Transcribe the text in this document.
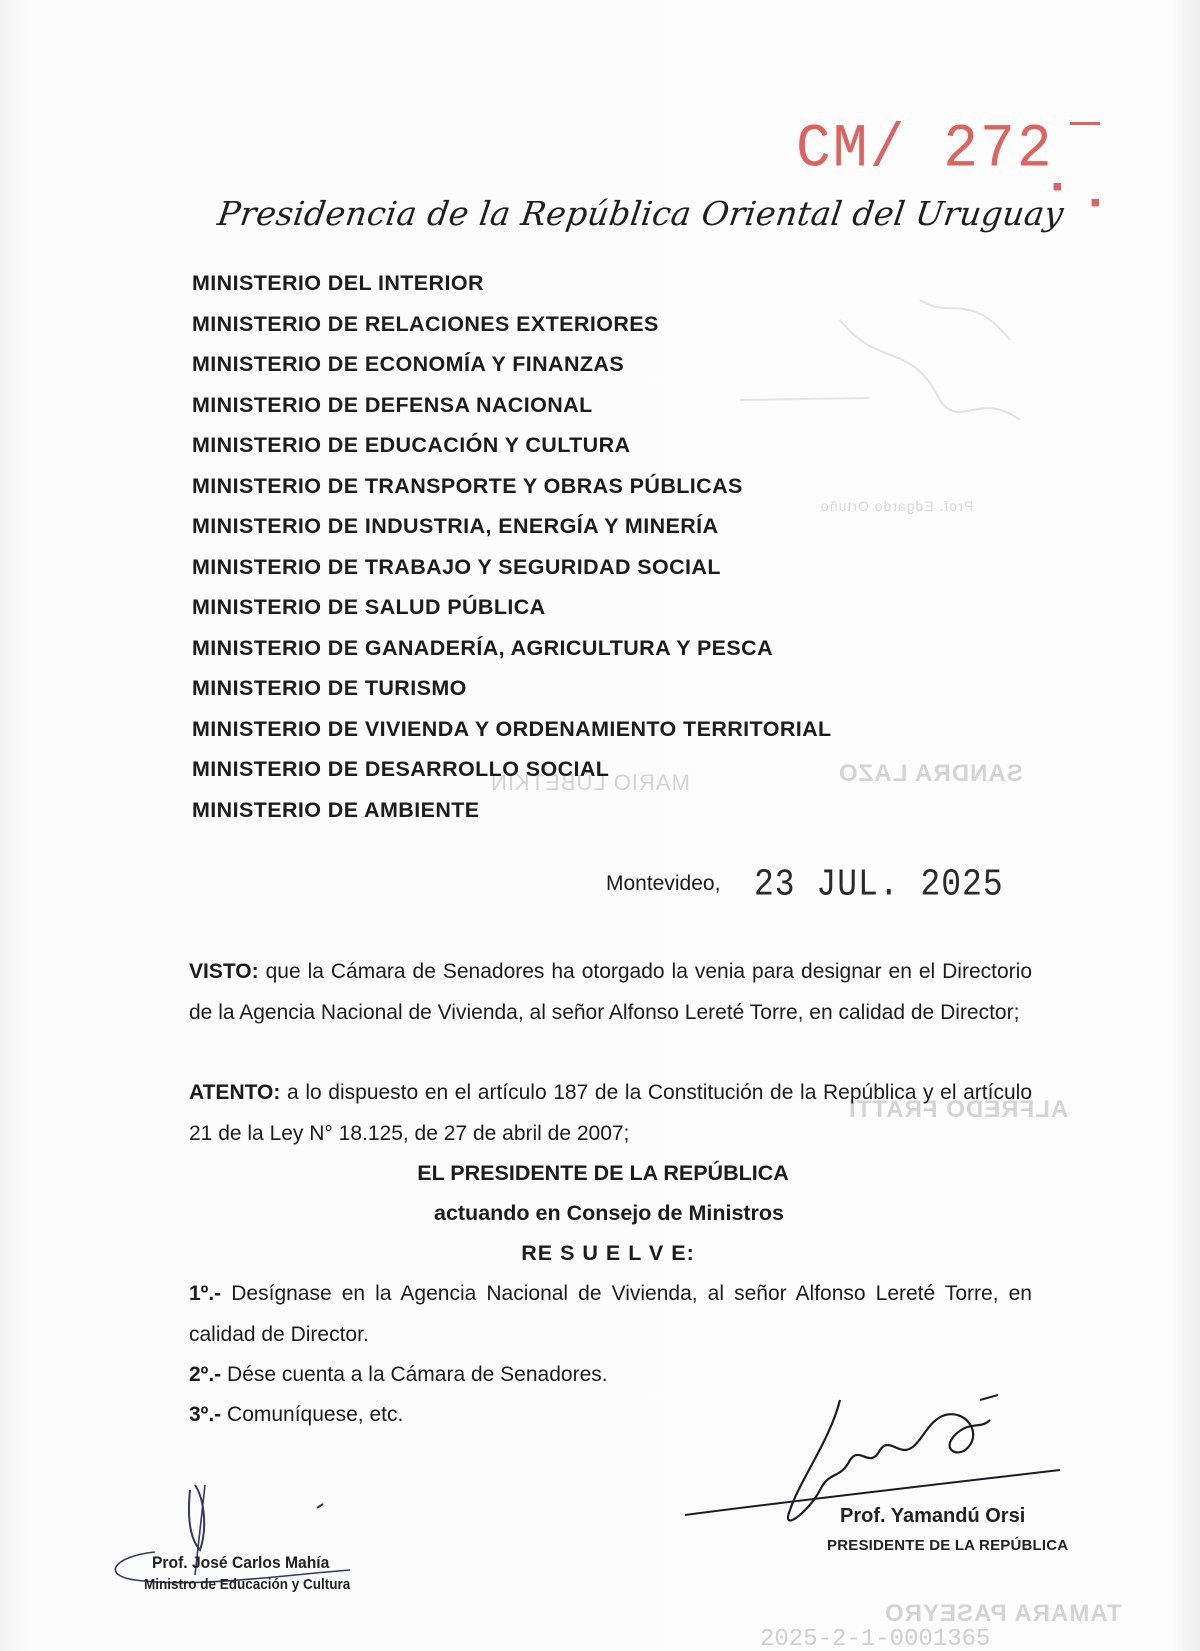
SANDRA LAZO
ALFREDO FRATTI
TAMARA PASEYRO
MARIO LUBETKIN
Prof. Edgardo Ortuño
2025-2-1-0001365
CM/ 272
▪ ▪
Presidencia de la República Oriental del Uruguay
MINISTERIO DEL INTERIOR
MINISTERIO DE RELACIONES EXTERIORES
MINISTERIO DE ECONOMÍA Y FINANZAS
MINISTERIO DE DEFENSA NACIONAL
MINISTERIO DE EDUCACIÓN Y CULTURA
MINISTERIO DE TRANSPORTE Y OBRAS PÚBLICAS
MINISTERIO DE INDUSTRIA, ENERGÍA Y MINERÍA
MINISTERIO DE TRABAJO Y SEGURIDAD SOCIAL
MINISTERIO DE SALUD PÚBLICA
MINISTERIO DE GANADERÍA, AGRICULTURA Y PESCA
MINISTERIO DE TURISMO
MINISTERIO DE VIVIENDA Y ORDENAMIENTO TERRITORIAL
MINISTERIO DE DESARROLLO SOCIAL
MINISTERIO DE AMBIENTE
Montevideo, 23 JUL. 2025
VISTO: que la Cámara de Senadores ha otorgado la venia para designar en el Directorio de la Agencia Nacional de Vivienda, al señor Alfonso Lereté Torre, en calidad de Director;
ATENTO: a lo dispuesto en el artículo 187 de la Constitución de la República y el artículo 21 de la Ley N° 18.125, de 27 de abril de 2007;
EL PRESIDENTE DE LA REPÚBLICA
actuando en Consejo de Ministros
RE S U E L V E:
1º.- Desígnase en la Agencia Nacional de Vivienda, al señor Alfonso Lereté Torre, en calidad de Director.
2º.- Dése cuenta a la Cámara de Senadores.
3º.- Comuníquese, etc.
Prof. Yamandú Orsi
PRESIDENTE DE LA REPÚBLICA
Prof. José Carlos Mahía
Ministro de Educación y Cultura
